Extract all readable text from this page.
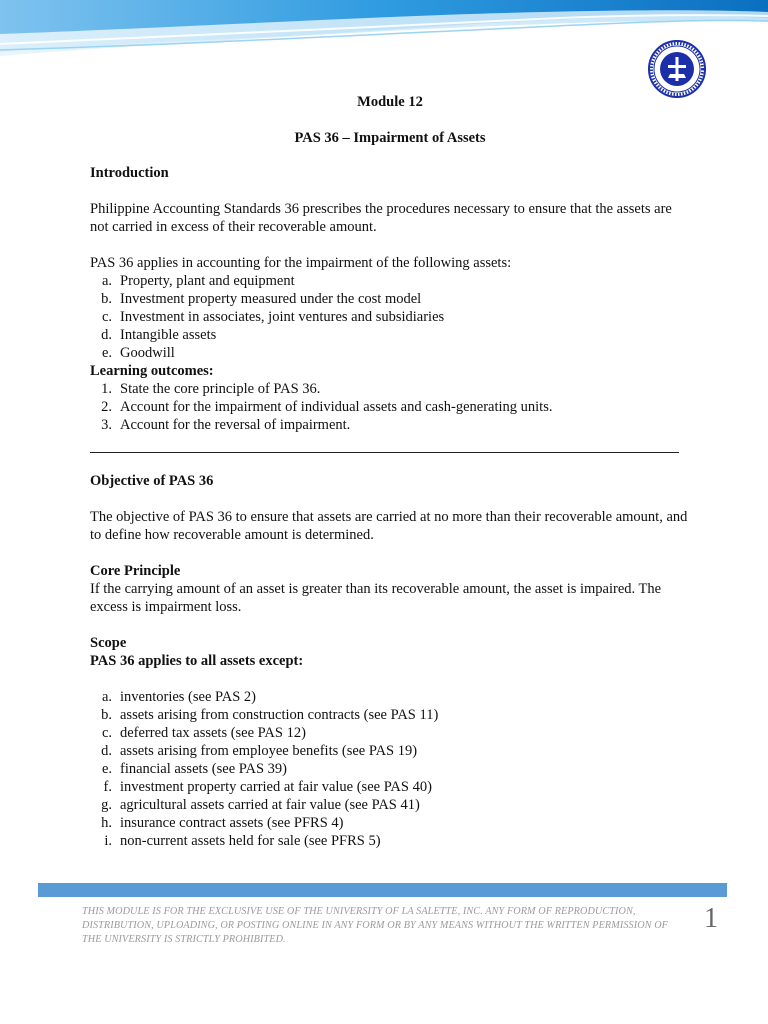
Module 12

PAS 36 – Impairment of Assets

Introduction

Philippine Accounting Standards 36 prescribes the procedures necessary to ensure that the assets are not carried in excess of their recoverable amount.

PAS 36 applies in accounting for the impairment of the following assets:

a. Property, plant and equipment
b. Investment property measured under the cost model
c. Investment in associates, joint ventures and subsidiaries
d. Intangible assets
e. Goodwill

Learning outcomes:

1. State the core principle of PAS 36.
2. Account for the impairment of individual assets and cash-generating units.
3. Account for the reversal of impairment.

Objective of PAS 36

The objective of PAS 36 to ensure that assets are carried at no more than their recoverable amount, and to define how recoverable amount is determined.

Core Principle

If the carrying amount of an asset is greater than its recoverable amount, the asset is impaired. The excess is impairment loss.

Scope

PAS 36 applies to all assets except:

a. inventories (see PAS 2)
b. assets arising from construction contracts (see PAS 11)
c. deferred tax assets (see PAS 12)
d. assets arising from employee benefits (see PAS 19)
e. financial assets (see PAS 39)
f. investment property carried at fair value (see PAS 40)
g. agricultural assets carried at fair value (see PAS 41)
h. insurance contract assets (see PFRS 4)
i. non-current assets held for sale (see PFRS 5)

THIS MODULE IS FOR THE EXCLUSIVE USE OF THE UNIVERSITY OF LA SALETTE, INC. ANY FORM OF REPRODUCTION, DISTRIBUTION, UPLOADING, OR POSTING ONLINE IN ANY FORM OR BY ANY MEANS WITHOUT THE WRITTEN PERMISSION OF THE UNIVERSITY IS STRICTLY PROHIBITED.

1
